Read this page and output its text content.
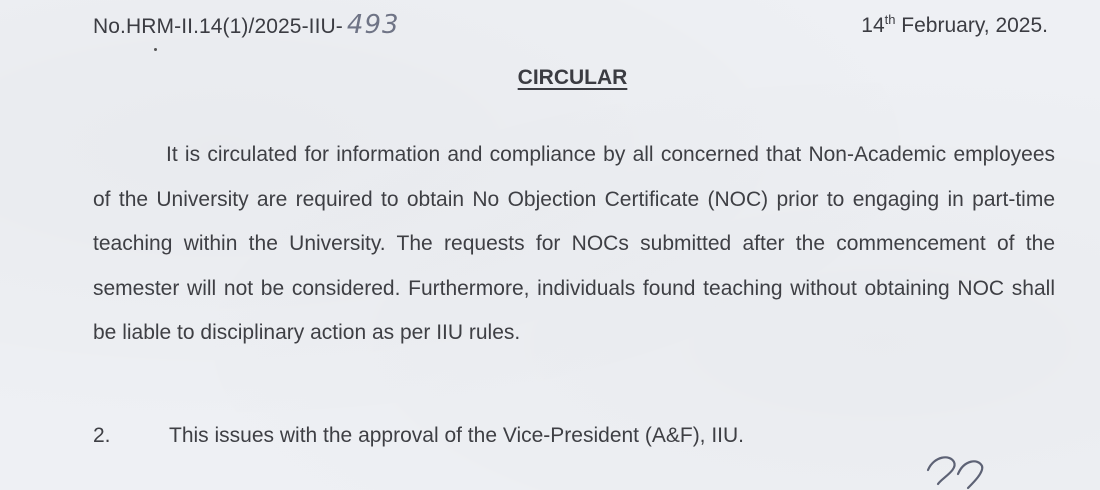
No.HRM-II.14(1)/2025-IIU- 493	14th February, 2025.
CIRCULAR

It is circulated for information and compliance by all concerned that Non-Academic employees of the University are required to obtain No Objection Certificate (NOC) prior to engaging in part-time teaching within the University. The requests for NOCs submitted after the commencement of the semester will not be considered. Furthermore, individuals found teaching without obtaining NOC shall be liable to disciplinary action as per IIU rules.

2.	This issues with the approval of the Vice-President (A&F), IIU.
